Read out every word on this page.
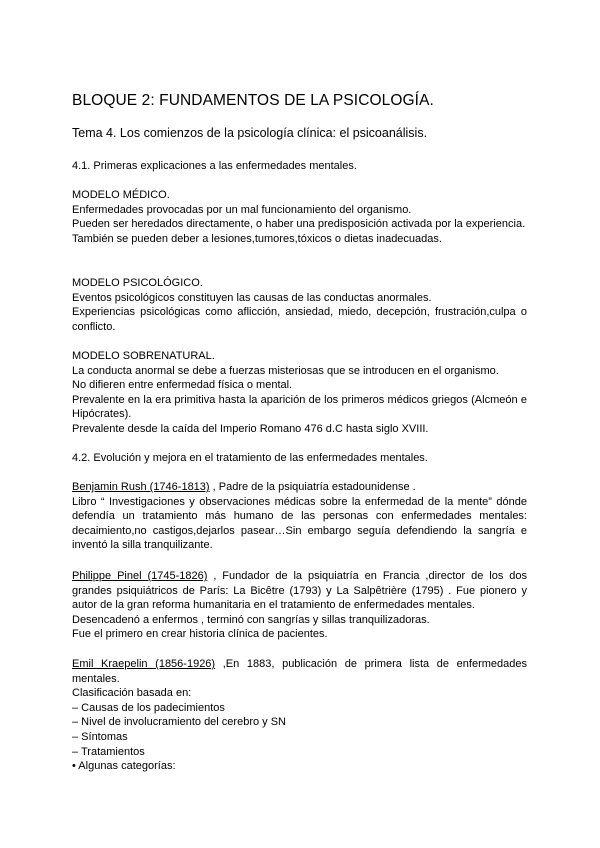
BLOQUE 2: FUNDAMENTOS DE LA PSICOLOGÍA.
Tema 4. Los comienzos de la psicología clínica: el psicoanálisis.
4.1. Primeras explicaciones a las enfermedades mentales.

MODELO MÉDICO.

Enfermedades provocadas por un mal funcionamiento del organismo.

Pueden ser heredados directamente, o haber una predisposición activada por la experiencia.

También se pueden deber a lesiones,tumores,tóxicos o dietas inadecuadas.

MODELO PSICOLÓGICO.

Eventos psicológicos constituyen las causas de las conductas anormales.

Experiencias psicológicas como aflicción, ansiedad, miedo, decepción, frustración,culpa o conflicto.

MODELO SOBRENATURAL.

La conducta anormal se debe a fuerzas misteriosas que se introducen en el organismo.

No difieren entre enfermedad física o mental.

Prevalente en la era primitiva hasta la aparición de los primeros médicos griegos (Alcmeón e Hipócrates).

Prevalente desde la caída del Imperio Romano 476 d.C hasta siglo XVIII.

4.2. Evolución y mejora en el tratamiento de las enfermedades mentales.

Benjamin Rush (1746-1813) , Padre de la psiquiatría estadounidense .

Libro “ Investigaciones y observaciones médicas sobre la enfermedad de la mente” dónde defendía un tratamiento más humano de las personas con enfermedades mentales: decaimiento,no castigos,dejarlos pasear…Sin embargo seguía defendiendo la sangría e inventó la silla tranquilizante.

Philippe Pinel (1745-1826) , Fundador de la psiquiatría en Francia ,director de los dos grandes psiquiátricos de París: La Bicêtre (1793) y La Salpêtrière (1795) . Fue pionero y autor de la gran reforma humanitaria en el tratamiento de enfermedades mentales.

Desencadenó a enfermos , terminó con sangrías y sillas tranquilizadoras.

Fue el primero en crear historia clínica de pacientes.

Emil Kraepelin (1856-1926) ,En 1883, publicación de primera lista de enfermedades mentales.

Clasificación basada en:

– Causas de los padecimientos

– Nivel de involucramiento del cerebro y SN

– Síntomas

– Tratamientos

• Algunas categorías:
